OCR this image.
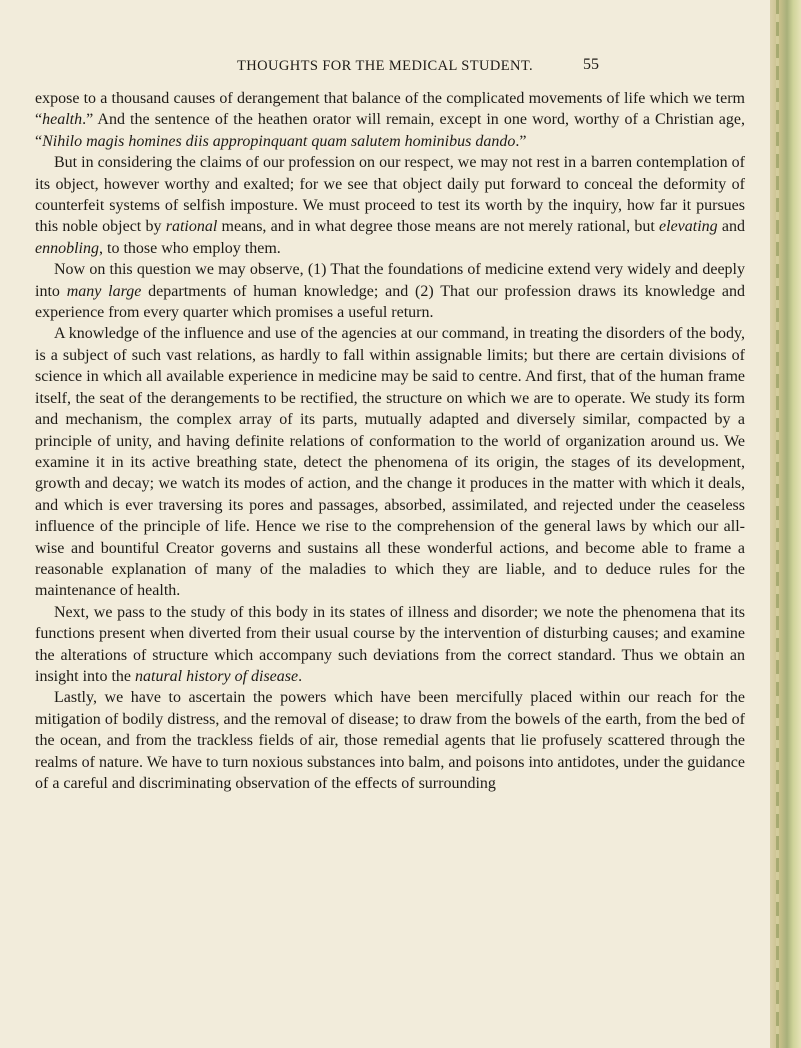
THOUGHTS FOR THE MEDICAL STUDENT.	55

expose to a thousand causes of derangement that balance of the complicated movements of life which we term “health.” And the sentence of the heathen orator will remain, except in one word, worthy of a Christian age, “Nihilo magis homines diis appropinquant quam salutem hominibus dando.”

But in considering the claims of our profession on our respect, we may not rest in a barren contemplation of its object, however worthy and exalted; for we see that object daily put forward to conceal the deformity of counterfeit systems of selfish imposture. We must proceed to test its worth by the inquiry, how far it pursues this noble object by rational means, and in what degree those means are not merely rational, but elevating and ennobling, to those who employ them.

Now on this question we may observe, (1) That the foundations of medicine extend very widely and deeply into many large departments of human knowledge; and (2) That our profession draws its knowledge and experience from every quarter which promises a useful return.

A knowledge of the influence and use of the agencies at our command, in treating the disorders of the body, is a subject of such vast relations, as hardly to fall within assignable limits; but there are certain divisions of science in which all available experience in medicine may be said to centre. And first, that of the human frame itself, the seat of the derangements to be rectified, the structure on which we are to operate. We study its form and mechanism, the complex array of its parts, mutually adapted and diversely similar, compacted by a principle of unity, and having definite relations of conformation to the world of organization around us. We examine it in its active breathing state, detect the phenomena of its origin, the stages of its development, growth and decay; we watch its modes of action, and the change it produces in the matter with which it deals, and which is ever traversing its pores and passages, absorbed, assimilated, and rejected under the ceaseless influence of the principle of life. Hence we rise to the comprehension of the general laws by which our all-wise and bountiful Creator governs and sustains all these wonderful actions, and become able to frame a reasonable explanation of many of the maladies to which they are liable, and to deduce rules for the maintenance of health.

Next, we pass to the study of this body in its states of illness and disorder; we note the phenomena that its functions present when diverted from their usual course by the intervention of disturbing causes; and examine the alterations of structure which accompany such deviations from the correct standard. Thus we obtain an insight into the natural history of disease.

Lastly, we have to ascertain the powers which have been mercifully placed within our reach for the mitigation of bodily distress, and the removal of disease; to draw from the bowels of the earth, from the bed of the ocean, and from the trackless fields of air, those remedial agents that lie profusely scattered through the realms of nature. We have to turn noxious substances into balm, and poisons into antidotes, under the guidance of a careful and discriminating observation of the effects of surrounding
